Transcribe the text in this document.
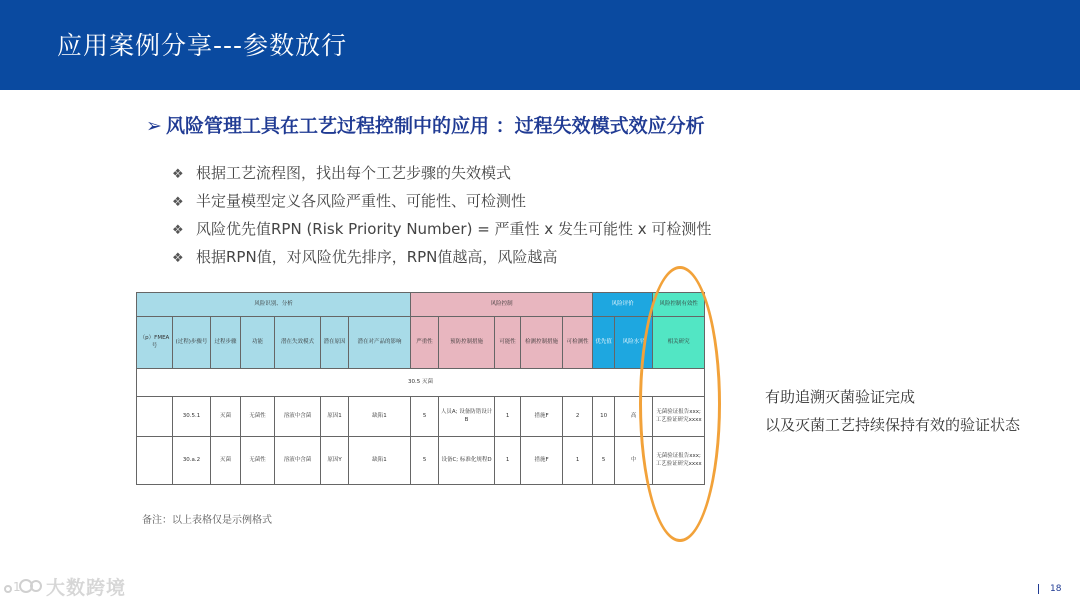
应用案例分享---参数放行
➢ 风险管理工具在工艺过程控制中的应用 ：过程失效模式效应分析
❖ 根据工艺流程图，找出每个工艺步骤的失效模式
❖ 半定量模型定义各风险严重性、可能性、可检测性
❖ 风险优先值RPN (Risk Priority Number) = 严重性 x 发生可能性 x 可检测性
❖ 根据RPN值，对风险优先排序，RPN值越高，风险越高
风险识别、分析							风险控制					风险评价		风险控制有效性
（p）FMEA号	(过程)步骤号	过程步骤	功能	潜在失效模式	潜在原因	潜在对产品的影响	严重性	预防控制措施	可能性	检测控制措施	可检测性	优先值	风险水平	相关研究
30.5 灭菌														
	30.5.1	灭菌	无菌性	溶液中含菌	原因1	缺陷1	5	人员A; 设备防错设计B	1	措施F	2	10	高	无菌验证报告xxx; 工艺验证研究xxxx
	30.a.2	灭菌	无菌性	溶液中含菌	原因Y	缺陷1	5	设备C; 标准化规程D	1	措施F	1	5	中	无菌验证报告xxx; 工艺验证研究xxxx
有助追溯灭菌验证完成
以及灭菌工艺持续保持有效的验证状态
备注：以上表格仅是示例格式
1 大数跨境	18
